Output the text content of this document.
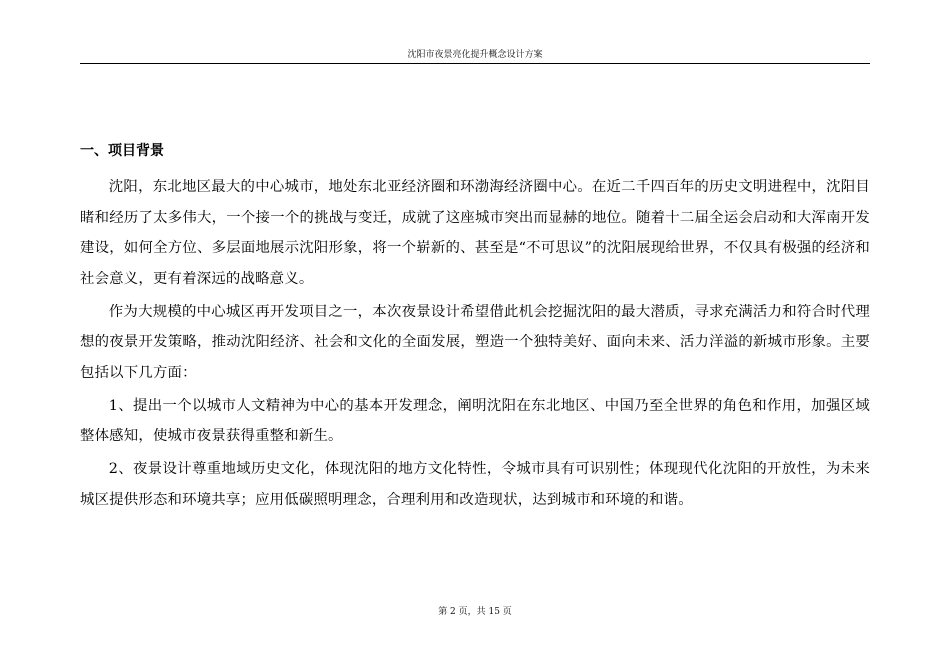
沈阳市夜景亮化提升概念设计方案
一、项目背景

沈阳，东北地区最大的中心城市，地处东北亚经济圈和环渤海经济圈中心。在近二千四百年的历史文明进程中，沈阳目睹和经历了太多伟大，一个接一个的挑战与变迁，成就了这座城市突出而显赫的地位。随着十二届全运会启动和大浑南开发建设，如何全方位、多层面地展示沈阳形象，将一个崭新的、甚至是“不可思议”的沈阳展现给世界，不仅具有极强的经济和社会意义，更有着深远的战略意义。

作为大规模的中心城区再开发项目之一，本次夜景设计希望借此机会挖掘沈阳的最大潜质，寻求充满活力和符合时代理想的夜景开发策略，推动沈阳经济、社会和文化的全面发展，塑造一个独特美好、面向未来、活力洋溢的新城市形象。主要包括以下几方面：

1、提出一个以城市人文精神为中心的基本开发理念，阐明沈阳在东北地区、中国乃至全世界的角色和作用，加强区域整体感知，使城市夜景获得重整和新生。

2、夜景设计尊重地域历史文化，体现沈阳的地方文化特性，令城市具有可识别性；体现现代化沈阳的开放性，为未来城区提供形态和环境共享；应用低碳照明理念，合理利用和改造现状，达到城市和环境的和谐。

第 2 页，共 15 页
